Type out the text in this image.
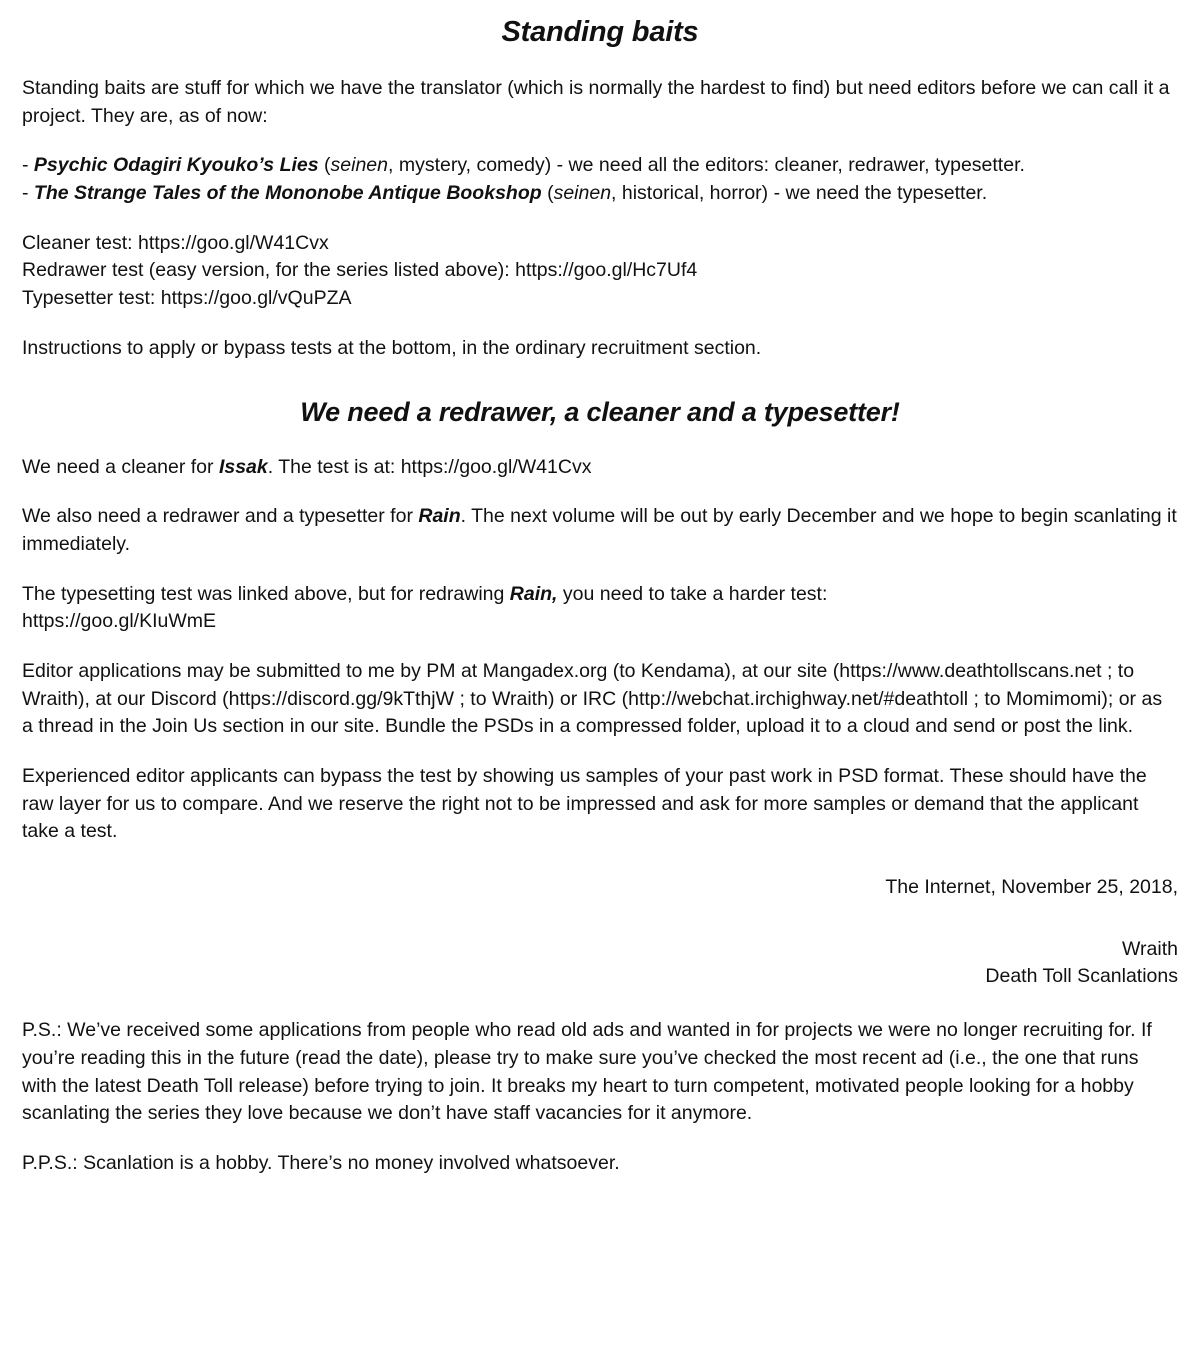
Standing baits

Standing baits are stuff for which we have the translator (which is normally the hardest to find) but need editors before we can call it a project. They are, as of now:

- Psychic Odagiri Kyouko’s Lies (seinen, mystery, comedy) - we need all the editors: cleaner, redrawer, typesetter.

- The Strange Tales of the Mononobe Antique Bookshop (seinen, historical, horror) - we need the typesetter.

Cleaner test: https://goo.gl/W41Cvx

Redrawer test (easy version, for the series listed above): https://goo.gl/Hc7Uf4

Typesetter test: https://goo.gl/vQuPZA

Instructions to apply or bypass tests at the bottom, in the ordinary recruitment section.

We need a redrawer, a cleaner and a typesetter!

We need a cleaner for Issak. The test is at: https://goo.gl/W41Cvx

We also need a redrawer and a typesetter for Rain. The next volume will be out by early December and we hope to begin scanlating it immediately.

The typesetting test was linked above, but for redrawing Rain, you need to take a harder test:
https://goo.gl/KIuWmE

Editor applications may be submitted to me by PM at Mangadex.org (to Kendama), at our site (https://www.deathtollscans.net ; to Wraith), at our Discord (https://discord.gg/9kTthjW ; to Wraith) or IRC (http://webchat.irchighway.net/#deathtoll ; to Momimomi); or as a thread in the Join Us section in our site. Bundle the PSDs in a compressed folder, upload it to a cloud and send or post the link.

Experienced editor applicants can bypass the test by showing us samples of your past work in PSD format. These should have the raw layer for us to compare. And we reserve the right not to be impressed and ask for more samples or demand that the applicant take a test.

The Internet, November 25, 2018,

Wraith

Death Toll Scanlations

P.S.: We’ve received some applications from people who read old ads and wanted in for projects we were no longer recruiting for. If you’re reading this in the future (read the date), please try to make sure you’ve checked the most recent ad (i.e., the one that runs with the latest Death Toll release) before trying to join. It breaks my heart to turn competent, motivated people looking for a hobby scanlating the series they love because we don’t have staff vacancies for it anymore.

P.P.S.: Scanlation is a hobby. There’s no money involved whatsoever.
